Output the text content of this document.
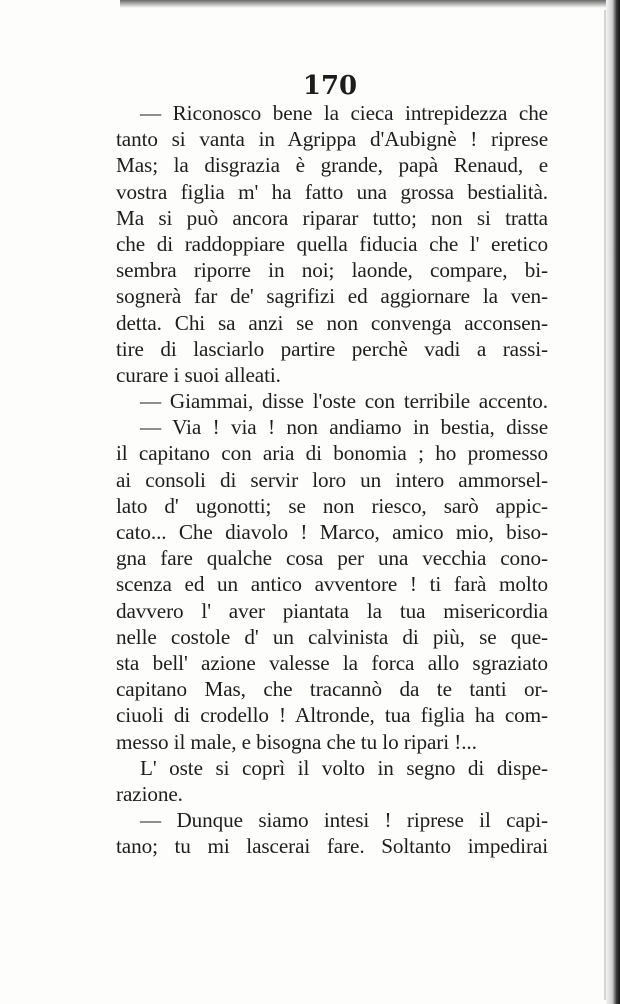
170
— Riconosco bene la cieca intrepidezza che
tanto si vanta in Agrippa d'Aubignè ! riprese
Mas; la disgrazia è grande, papà Renaud, e
vostra figlia m' ha fatto una grossa bestialità.
Ma si può ancora riparar tutto; non si tratta
che di raddoppiare quella fiducia che l' eretico
sembra riporre in noi; laonde, compare, bi-
sognerà far de' sagrifizi ed aggiornare la ven-
detta. Chi sa anzi se non convenga acconsen-
tire di lasciarlo partire perchè vadi a rassi-
curare i suoi alleati.
— Giammai, disse l'oste con terribile accento.
— Via ! via ! non andiamo in bestia, disse
il capitano con aria di bonomia ; ho promesso
ai consoli di servir loro un intero ammorsel-
lato d' ugonotti; se non riesco, sarò appic-
cato... Che diavolo ! Marco, amico mio, biso-
gna fare qualche cosa per una vecchia cono-
scenza ed un antico avventore ! ti farà molto
davvero l' aver piantata la tua misericordia
nelle costole d' un calvinista di più, se que-
sta bell' azione valesse la forca allo sgraziato
capitano Mas, che tracannò da te tanti or-
ciuoli di crodello ! Altronde, tua figlia ha com-
messo il male, e bisogna che tu lo ripari !...
L' oste si coprì il volto in segno di dispe-
razione.
— Dunque siamo intesi ! riprese il capi-
tano; tu mi lascerai fare. Soltanto impedirai
